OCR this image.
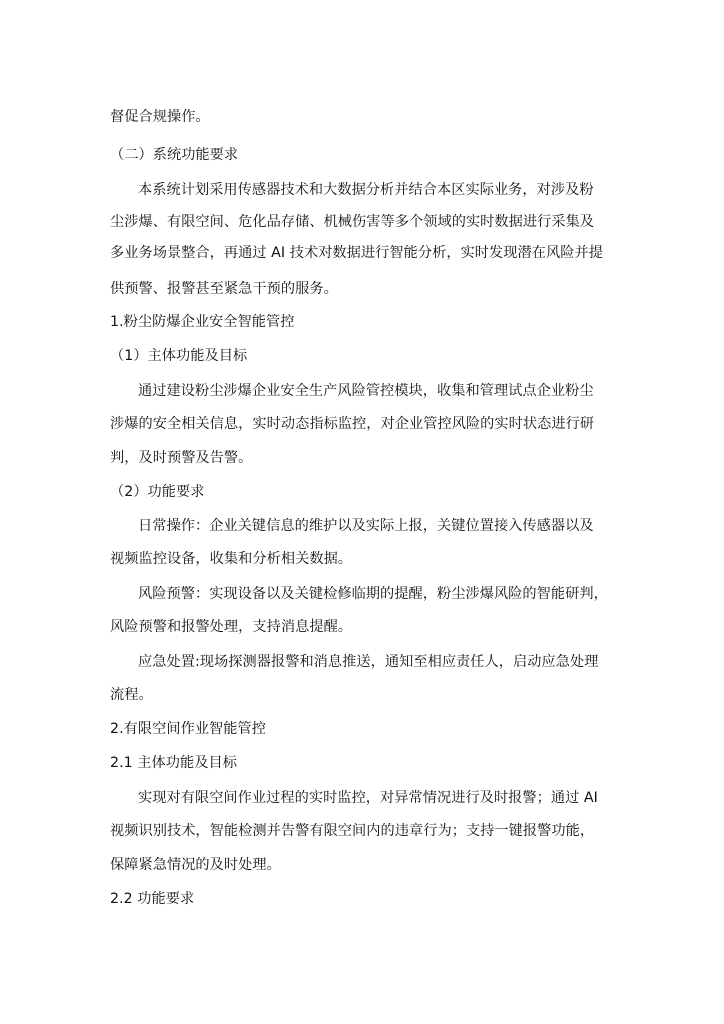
督促合规操作。
（二）系统功能要求
本系统计划采用传感器技术和大数据分析并结合本区实际业务，对涉及粉
尘涉爆、有限空间、危化品存储、机械伤害等多个领域的实时数据进行采集及
多业务场景整合，再通过 AI 技术对数据进行智能分析，实时发现潜在风险并提
供预警、报警甚至紧急干预的服务。
1.粉尘防爆企业安全智能管控
（1）主体功能及目标
通过建设粉尘涉爆企业安全生产风险管控模块，收集和管理试点企业粉尘
涉爆的安全相关信息，实时动态指标监控，对企业管控风险的实时状态进行研
判，及时预警及告警。
（2）功能要求
日常操作：企业关键信息的维护以及实际上报，关键位置接入传感器以及
视频监控设备，收集和分析相关数据。
风险预警：实现设备以及关键检修临期的提醒，粉尘涉爆风险的智能研判，
风险预警和报警处理，支持消息提醒。
应急处置:现场探测器报警和消息推送，通知至相应责任人，启动应急处理
流程。
2.有限空间作业智能管控
2.1 主体功能及目标
实现对有限空间作业过程的实时监控，对异常情况进行及时报警；通过 AI
视频识别技术，智能检测并告警有限空间内的违章行为；支持一键报警功能，
保障紧急情况的及时处理。
2.2 功能要求
